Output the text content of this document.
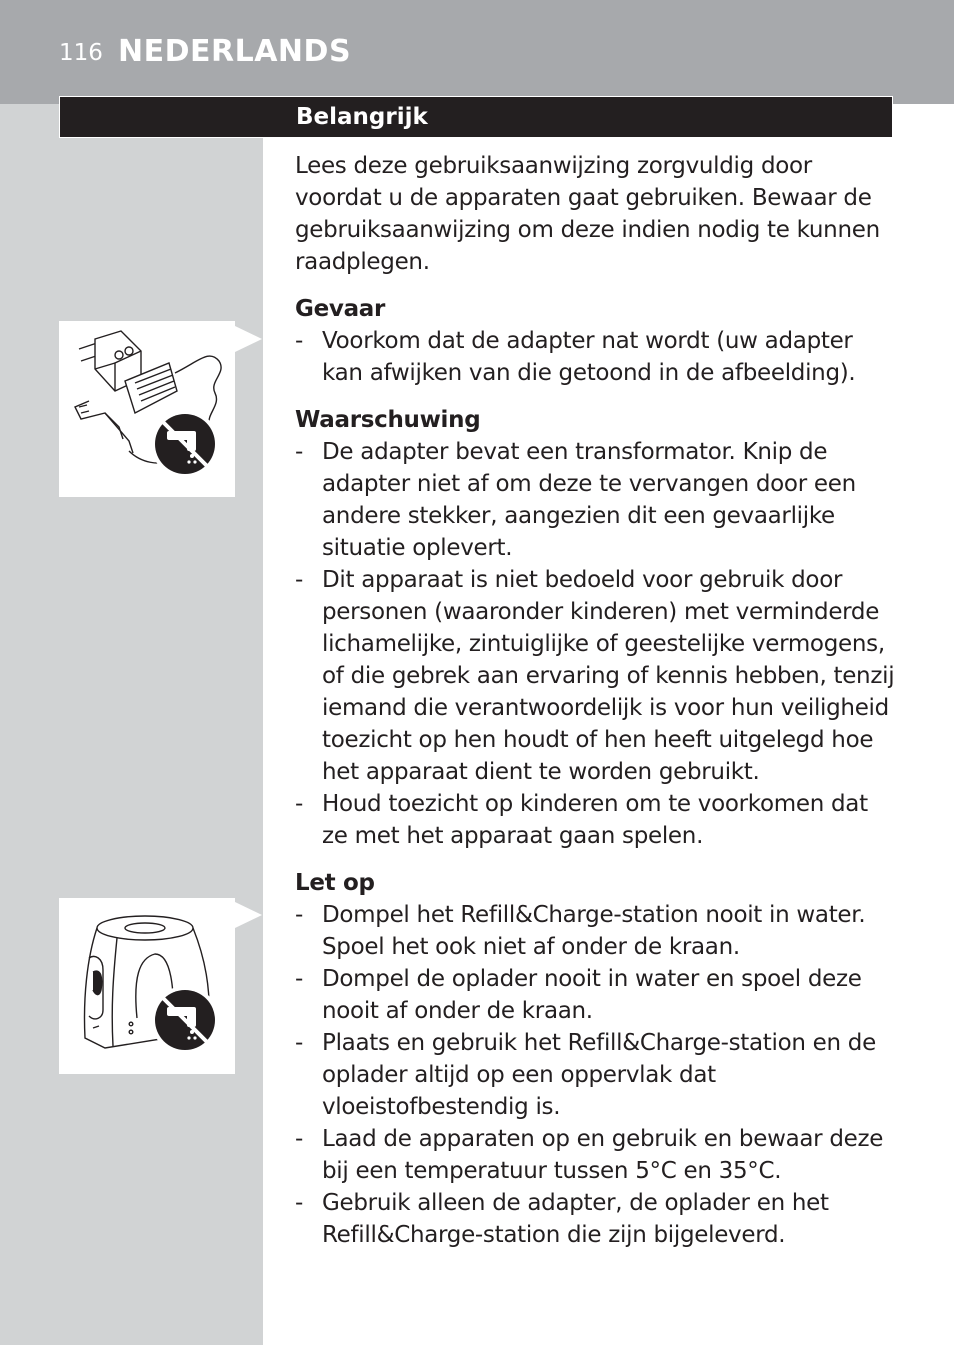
116 NEDERLANDS
Belangrijk

Lees deze gebruiksaanwijzing zorgvuldig door voordat u de apparaten gaat gebruiken. Bewaar de gebruiksaanwijzing om deze indien nodig te kunnen raadplegen.

Gevaar
- Voorkom dat de adapter nat wordt (uw adapter kan afwijken van die getoond in de afbeelding).
Waarschuwing
- De adapter bevat een transformator. Knip de adapter niet af om deze te vervangen door een andere stekker, aangezien dit een gevaarlijke situatie oplevert.
- Dit apparaat is niet bedoeld voor gebruik door personen (waaronder kinderen) met verminderde lichamelijke, zintuiglijke of geestelijke vermogens, of die gebrek aan ervaring of kennis hebben, tenzij iemand die verantwoordelijk is voor hun veiligheid toezicht op hen houdt of hen heeft uitgelegd hoe het apparaat dient te worden gebruikt.
- Houd toezicht op kinderen om te voorkomen dat ze met het apparaat gaan spelen.
Let op
- Dompel het Refill&Charge-station nooit in water. Spoel het ook niet af onder de kraan.
- Dompel de oplader nooit in water en spoel deze nooit af onder de kraan.
- Plaats en gebruik het Refill&Charge-station en de oplader altijd op een oppervlak dat vloeistofbestendig is.
- Laad de apparaten op en gebruik en bewaar deze bij een temperatuur tussen 5°C en 35°C.
- Gebruik alleen de adapter, de oplader en het Refill&Charge-station die zijn bijgeleverd.
